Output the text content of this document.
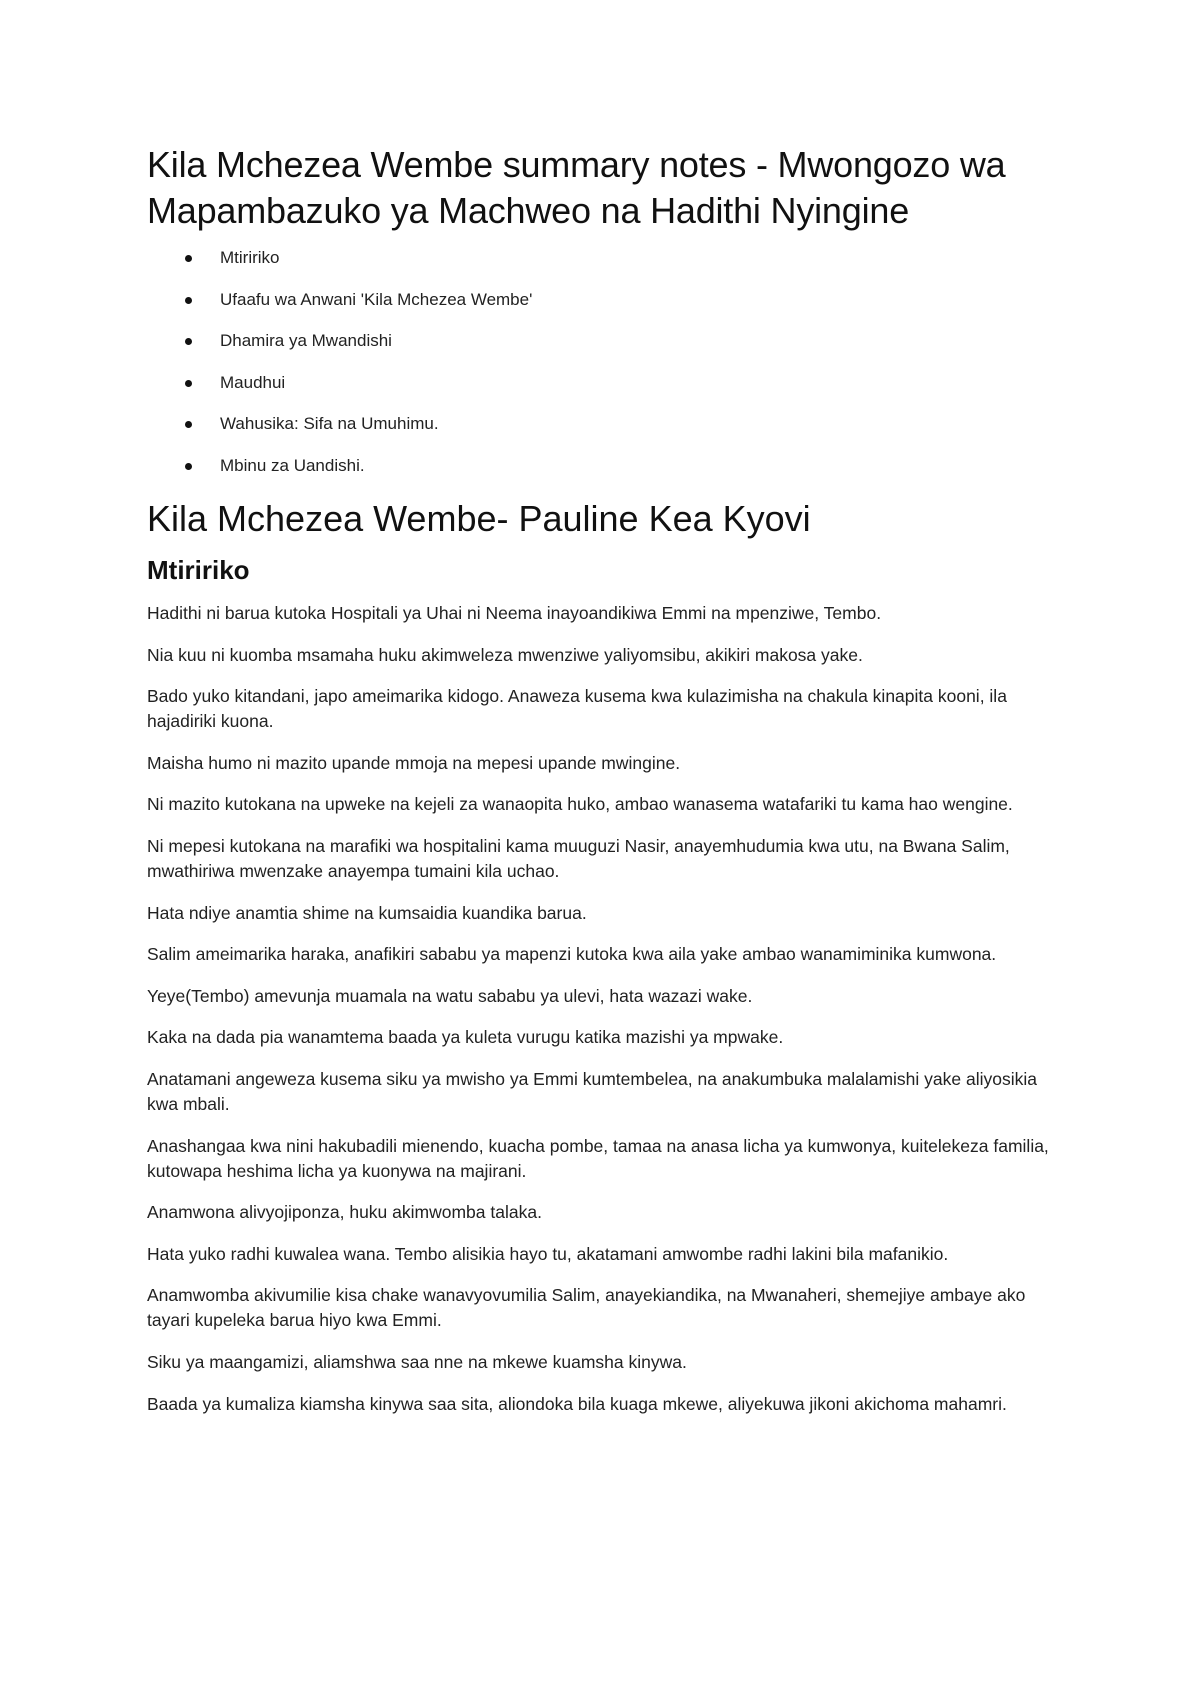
Kila Mchezea Wembe summary notes - Mwongozo wa Mapambazuko ya Machweo na Hadithi Nyingine
Mtiririko
Ufaafu wa Anwani 'Kila Mchezea Wembe'
Dhamira ya Mwandishi
Maudhui
Wahusika: Sifa na Umuhimu.
Mbinu za Uandishi.
Kila Mchezea Wembe- Pauline Kea Kyovi
Mtiririko

Hadithi ni barua kutoka Hospitali ya Uhai ni Neema inayoandikiwa Emmi na mpenziwe, Tembo.

Nia kuu ni kuomba msamaha huku akimweleza mwenziwe yaliyomsibu, akikiri makosa yake.

Bado yuko kitandani, japo ameimarika kidogo. Anaweza kusema kwa kulazimisha na chakula kinapita kooni, ila hajadiriki kuona.

Maisha humo ni mazito upande mmoja na mepesi upande mwingine.

Ni mazito kutokana na upweke na kejeli za wanaopita huko, ambao wanasema watafariki tu kama hao wengine.

Ni mepesi kutokana na marafiki wa hospitalini kama muuguzi Nasir, anayemhudumia kwa utu, na Bwana Salim, mwathiriwa mwenzake anayempa tumaini kila uchao.

Hata ndiye anamtia shime na kumsaidia kuandika barua.

Salim ameimarika haraka, anafikiri sababu ya mapenzi kutoka kwa aila yake ambao wanamiminika kumwona.

Yeye(Tembo) amevunja muamala na watu sababu ya ulevi, hata wazazi wake.

Kaka na dada pia wanamtema baada ya kuleta vurugu katika mazishi ya mpwake.

Anatamani angeweza kusema siku ya mwisho ya Emmi kumtembelea, na anakumbuka malalamishi yake aliyosikia kwa mbali.

Anashangaa kwa nini hakubadili mienendo, kuacha pombe, tamaa na anasa licha ya kumwonya, kuitelekeza familia, kutowapa heshima licha ya kuonywa na majirani.

Anamwona alivyojiponza, huku akimwomba talaka.

Hata yuko radhi kuwalea wana. Tembo alisikia hayo tu, akatamani amwombe radhi lakini bila mafanikio.

Anamwomba akivumilie kisa chake wanavyovumilia Salim, anayekiandika, na Mwanaheri, shemejiye ambaye ako tayari kupeleka barua hiyo kwa Emmi.

Siku ya maangamizi, aliamshwa saa nne na mkewe kuamsha kinywa.

Baada ya kumaliza kiamsha kinywa saa sita, aliondoka bila kuaga mkewe, aliyekuwa jikoni akichoma mahamri.
